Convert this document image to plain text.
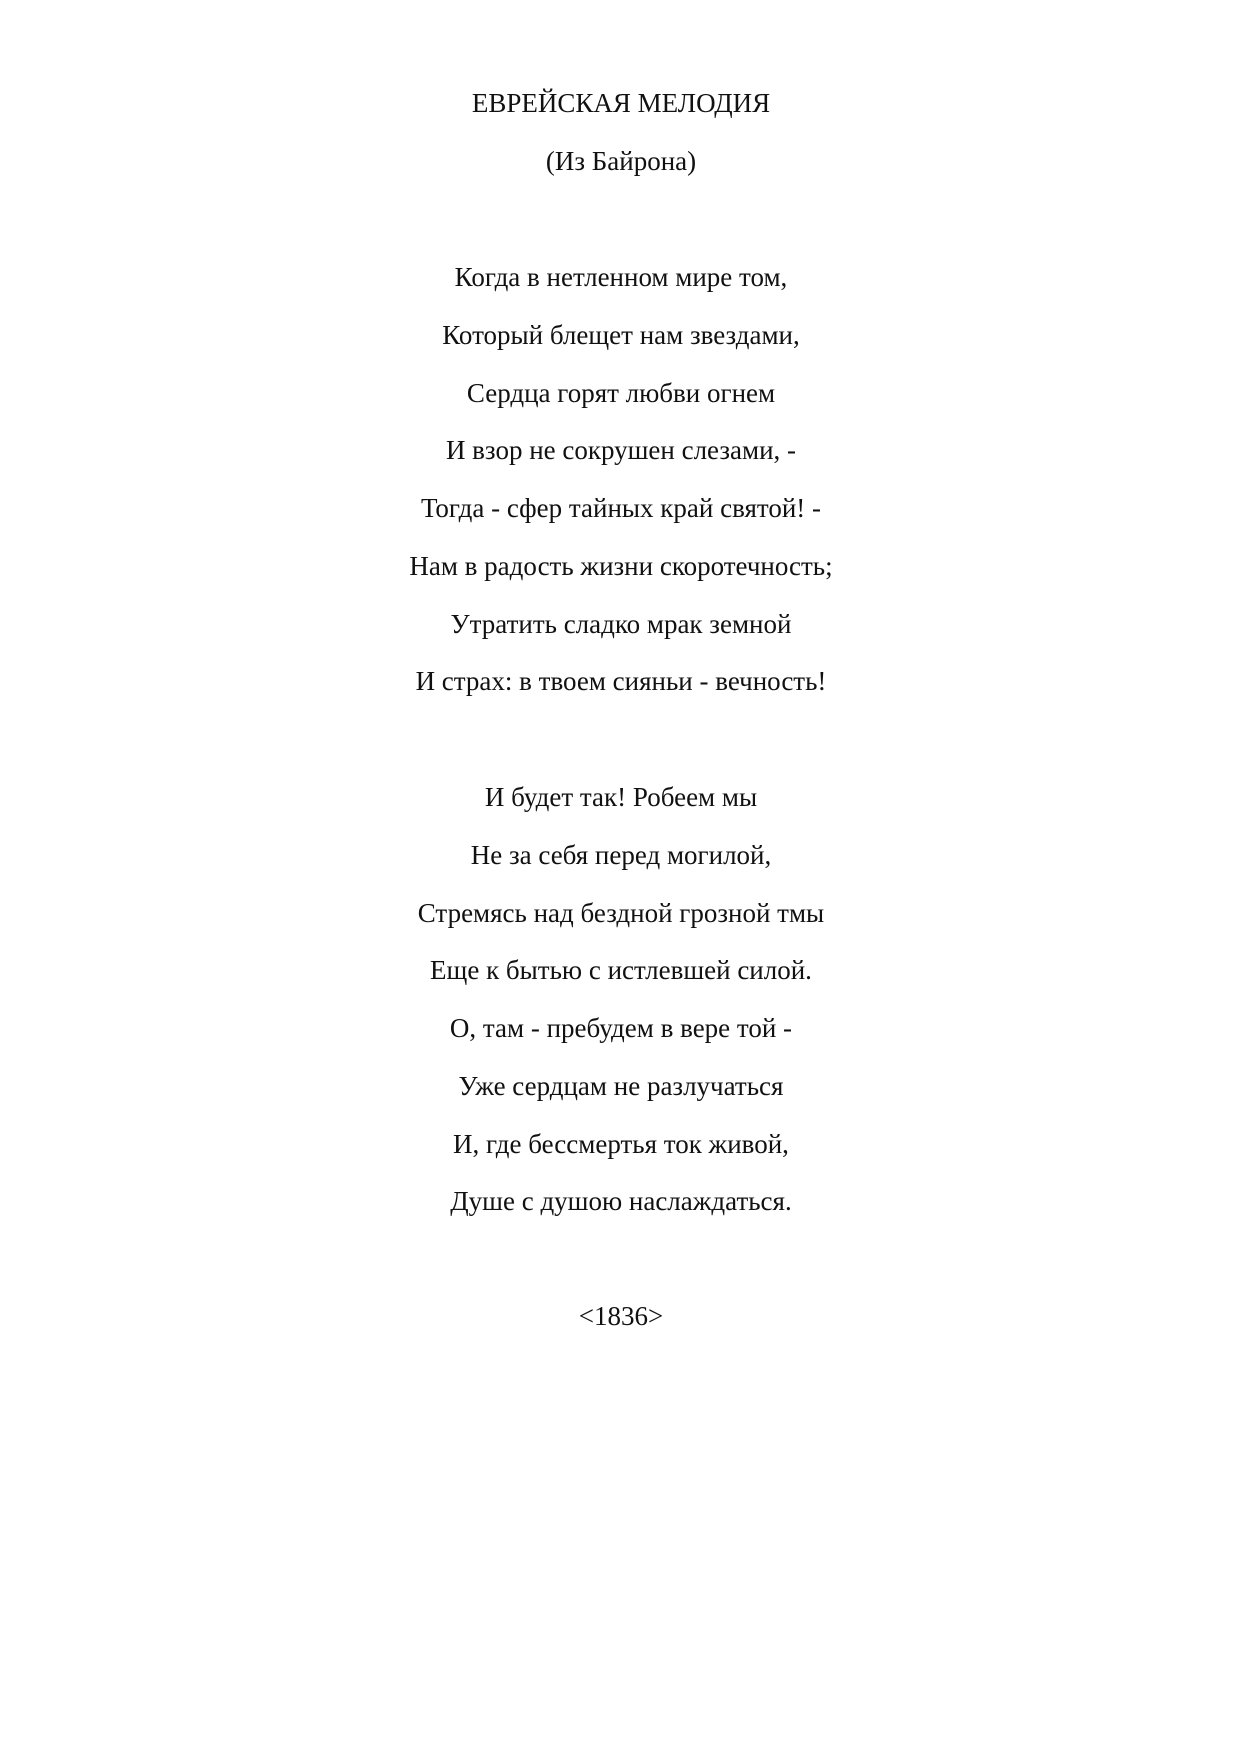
ЕВРЕЙСКАЯ МЕЛОДИЯ
(Из Байрона)
Когда в нетленном мире том,
Который блещет нам звездами,
Сердца горят любви огнем
И взор не сокрушен слезами, -
Тогда - сфер тайных край святой! -
Нам в радость жизни скоротечность;
Утратить сладко мрак земной
И страх: в твоем сияньи - вечность!
И будет так! Робеем мы
Не за себя перед могилой,
Стремясь над бездной грозной тмы
Еще к бытью с истлевшей силой.
О, там - пребудем в вере той -
Уже сердцам не разлучаться
И, где бессмертья ток живой,
Душе с душою наслаждаться.
<1836>
